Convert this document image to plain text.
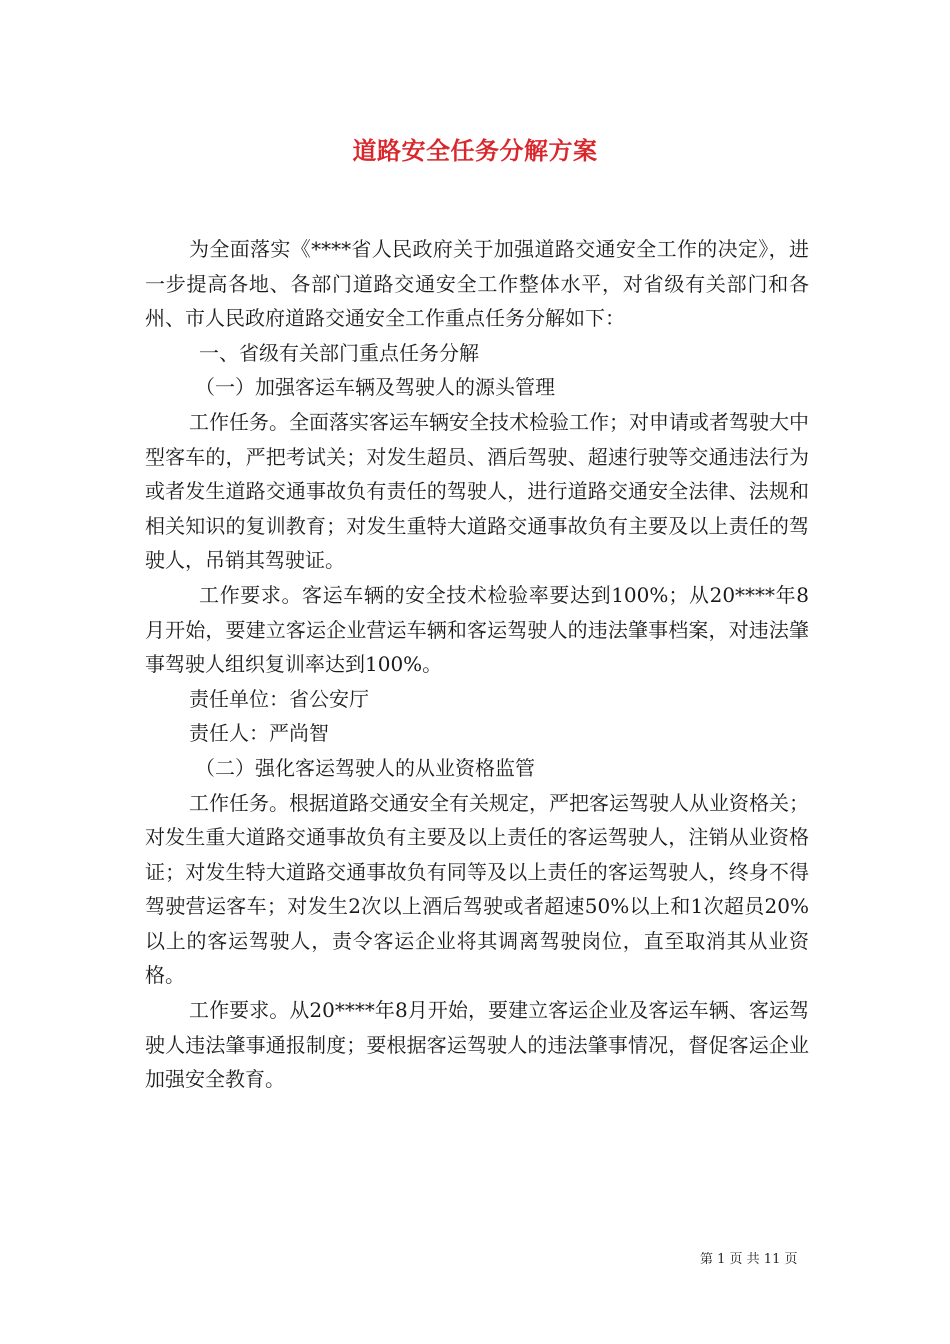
道路安全任务分解方案

为全面落实《****省人民政府关于加强道路交通安全工作的决定》，进一步提高各地、各部门道路交通安全工作整体水平，对省级有关部门和各州、市人民政府道路交通安全工作重点任务分解如下：

一、省级有关部门重点任务分解

（一）加强客运车辆及驾驶人的源头管理

工作任务。全面落实客运车辆安全技术检验工作；对申请或者驾驶大中型客车的，严把考试关；对发生超员、酒后驾驶、超速行驶等交通违法行为或者发生道路交通事故负有责任的驾驶人，进行道路交通安全法律、法规和相关知识的复训教育；对发生重特大道路交通事故负有主要及以上责任的驾驶人，吊销其驾驶证。

工作要求。客运车辆的安全技术检验率要达到100%；从20****年8月开始，要建立客运企业营运车辆和客运驾驶人的违法肇事档案，对违法肇事驾驶人组织复训率达到100%。

责任单位：省公安厅

责任人：严尚智

（二）强化客运驾驶人的从业资格监管

工作任务。根据道路交通安全有关规定，严把客运驾驶人从业资格关；对发生重大道路交通事故负有主要及以上责任的客运驾驶人，注销从业资格证；对发生特大道路交通事故负有同等及以上责任的客运驾驶人，终身不得驾驶营运客车；对发生2次以上酒后驾驶或者超速50%以上和1次超员20%以上的客运驾驶人，责令客运企业将其调离驾驶岗位，直至取消其从业资格。

工作要求。从20****年8月开始，要建立客运企业及客运车辆、客运驾驶人违法肇事通报制度；要根据客运驾驶人的违法肇事情况，督促客运企业加强安全教育。

第 1 页 共 11 页
